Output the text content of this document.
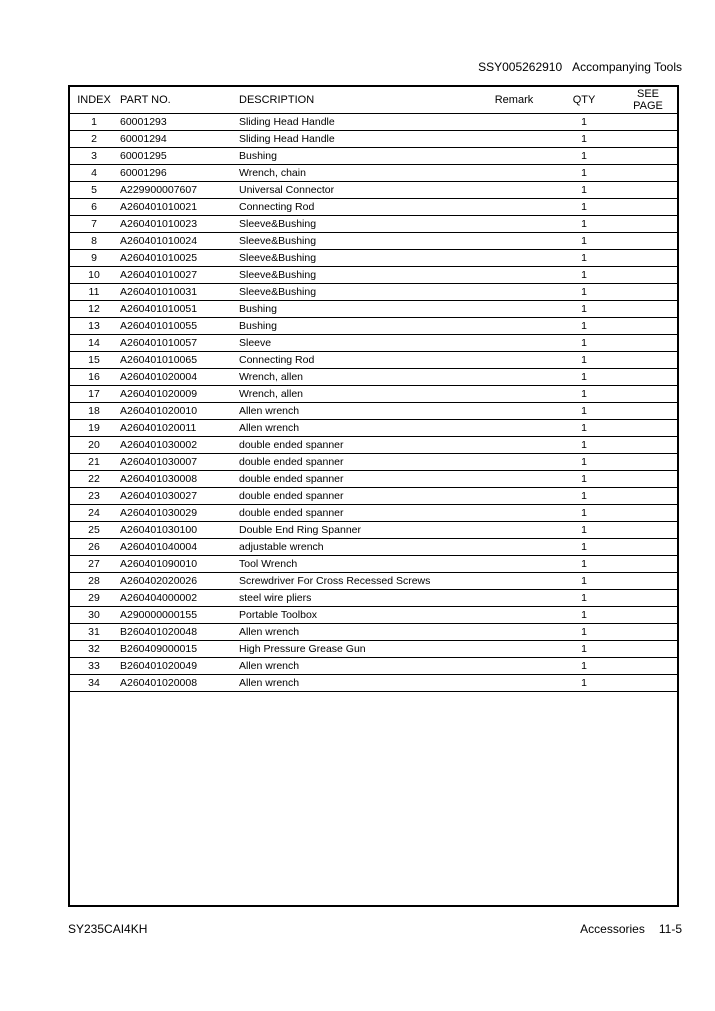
SSY005262910 Accompanying Tools
INDEX	PART NO.	DESCRIPTION	Remark	QTY	SEE
PAGE
1	60001293	Sliding Head Handle		1	
2	60001294	Sliding Head Handle		1	
3	60001295	Bushing		1	
4	60001296	Wrench, chain		1	
5	A229900007607	Universal Connector		1	
6	A260401010021	Connecting Rod		1	
7	A260401010023	Sleeve&Bushing		1	
8	A260401010024	Sleeve&Bushing		1	
9	A260401010025	Sleeve&Bushing		1	
10	A260401010027	Sleeve&Bushing		1	
11	A260401010031	Sleeve&Bushing		1	
12	A260401010051	Bushing		1	
13	A260401010055	Bushing		1	
14	A260401010057	Sleeve		1	
15	A260401010065	Connecting Rod		1	
16	A260401020004	Wrench, allen		1	
17	A260401020009	Wrench, allen		1	
18	A260401020010	Allen wrench		1	
19	A260401020011	Allen wrench		1	
20	A260401030002	double ended spanner		1	
21	A260401030007	double ended spanner		1	
22	A260401030008	double ended spanner		1	
23	A260401030027	double ended spanner		1	
24	A260401030029	double ended spanner		1	
25	A260401030100	Double End Ring Spanner		1	
26	A260401040004	adjustable wrench		1	
27	A260401090010	Tool Wrench		1	
28	A260402020026	Screwdriver For Cross Recessed Screws		1	
29	A260404000002	steel wire pliers		1	
30	A290000000155	Portable Toolbox		1	
31	B260401020048	Allen wrench		1	
32	B260409000015	High Pressure Grease Gun		1	
33	B260401020049	Allen wrench		1	
34	A260401020008	Allen wrench		1	
SY235CAI4KH	Accessories 11-5
